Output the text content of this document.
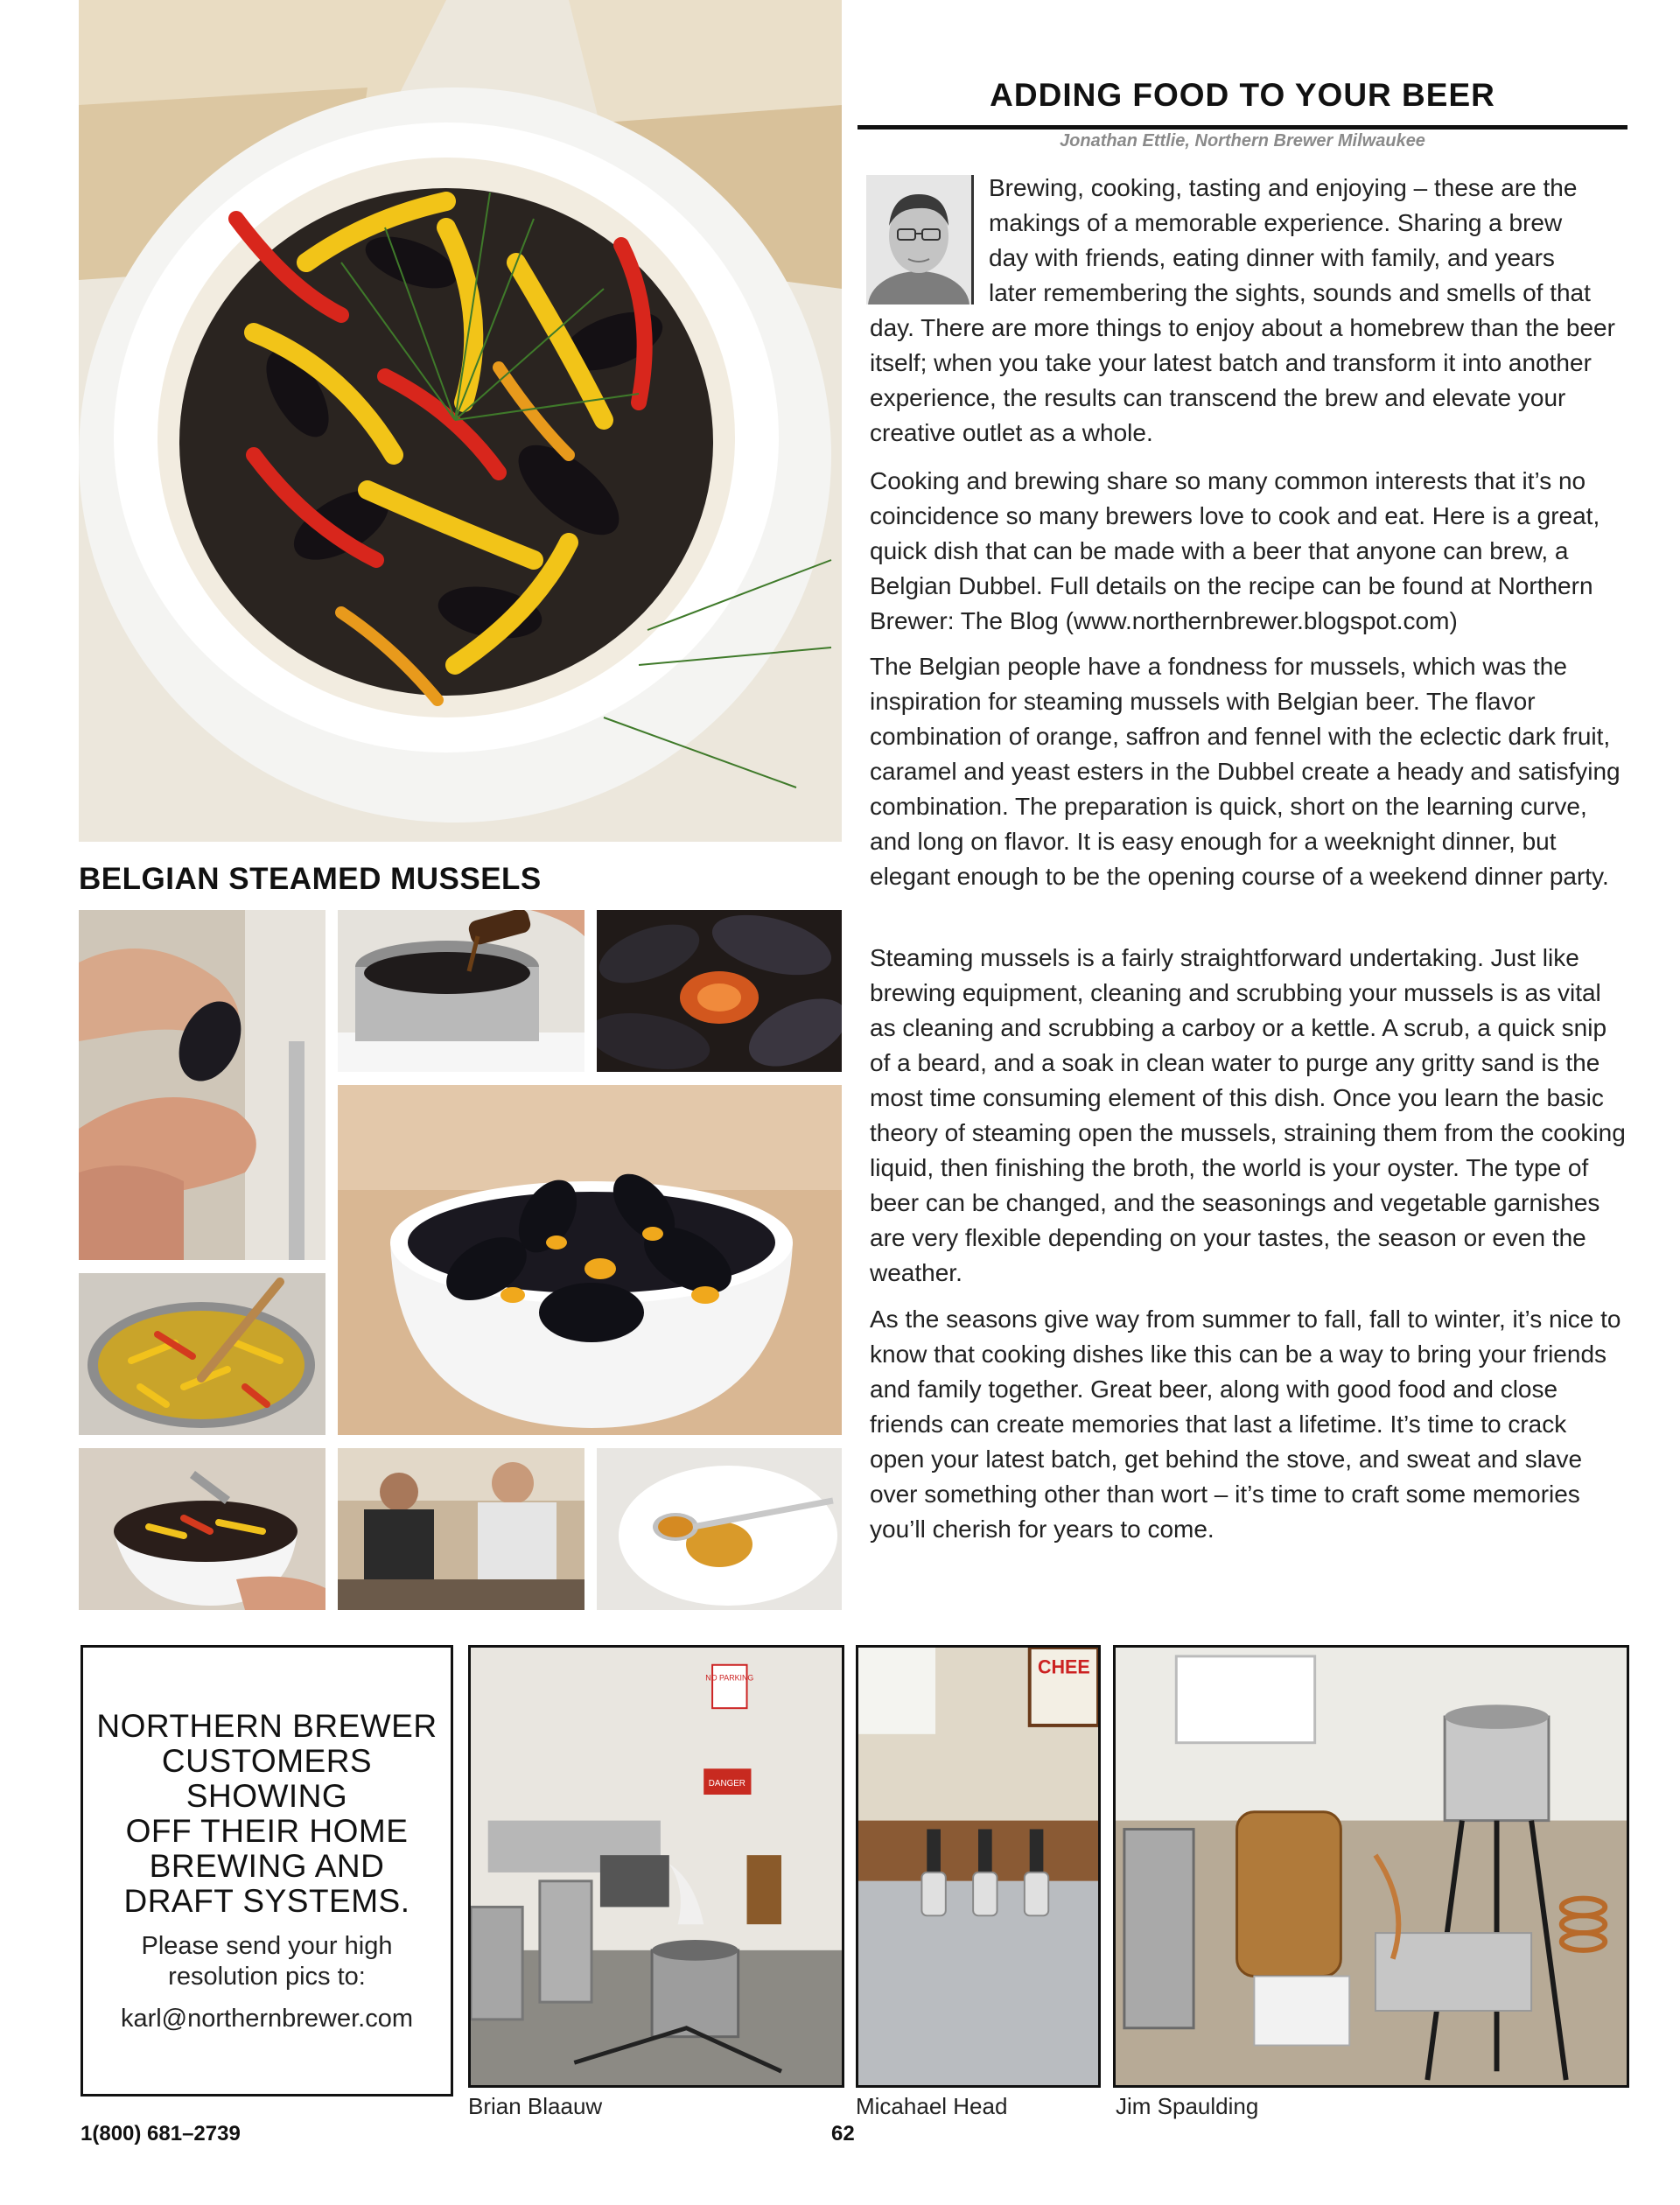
ADDING FOOD TO YOUR BEER
Jonathan Ettlie, Northern Brewer Milwaukee
Brewing, cooking, tasting and enjoying – these are the
makings of a memorable experience. Sharing a brew
day with friends, eating dinner with family, and years
later remembering the sights, sounds and smells of that
day. There are more things to enjoy about a homebrew than the beer itself; when you take your latest batch and transform it into another experience, the results can transcend the brew and elevate your creative outlet as a whole.
Cooking and brewing share so many common interests that it’s no coincidence so many brewers love to cook and eat. Here is a great, quick dish that can be made with a beer that anyone can brew, a Belgian Dubbel. Full details on the recipe can be found at Northern Brewer: The Blog (www.northernbrewer.blogspot.com)
The Belgian people have a fondness for mussels, which was the inspiration for steaming mussels with Belgian beer. The flavor combination of orange, saffron and fennel with the eclectic dark fruit, caramel and yeast esters in the Dubbel create a heady and satisfying combination. The preparation is quick, short on the learning curve, and long on flavor. It is easy enough for a weeknight dinner, but elegant enough to be the opening course of a weekend dinner party.
Steaming mussels is a fairly straightforward undertaking. Just like brewing equipment, cleaning and scrubbing your mussels is as vital as cleaning and scrubbing a carboy or a kettle. A scrub, a quick snip of a beard, and a soak in clean water to purge any gritty sand is the most time consuming element of this dish. Once you learn the basic theory of steaming open the mussels, straining them from the cooking liquid, then finishing the broth, the world is your oyster. The type of beer can be changed, and the seasonings and vegetable garnishes are very flexible depending on your tastes, the season or even the weather.
As the seasons give way from summer to fall, fall to winter, it’s nice to know that cooking dishes like this can be a way to bring your friends and family together. Great beer, along with good food and close friends can create memories that last a lifetime. It’s time to crack open your latest batch, get behind the stove, and sweat and slave over something other than wort – it’s time to craft some memories you’ll cherish for years to come.
BELGIAN STEAMED MUSSELS
NORTHERN BREWER
CUSTOMERS
SHOWING
OFF THEIR HOME
BREWING AND
DRAFT SYSTEMS.
Please send your high
resolution pics to:
karl@northernbrewer.com
NO PARKING
DANGER
CHEE
Brian Blaauw	Micahael Head	Jim Spaulding
1(800) 681–2739	62
